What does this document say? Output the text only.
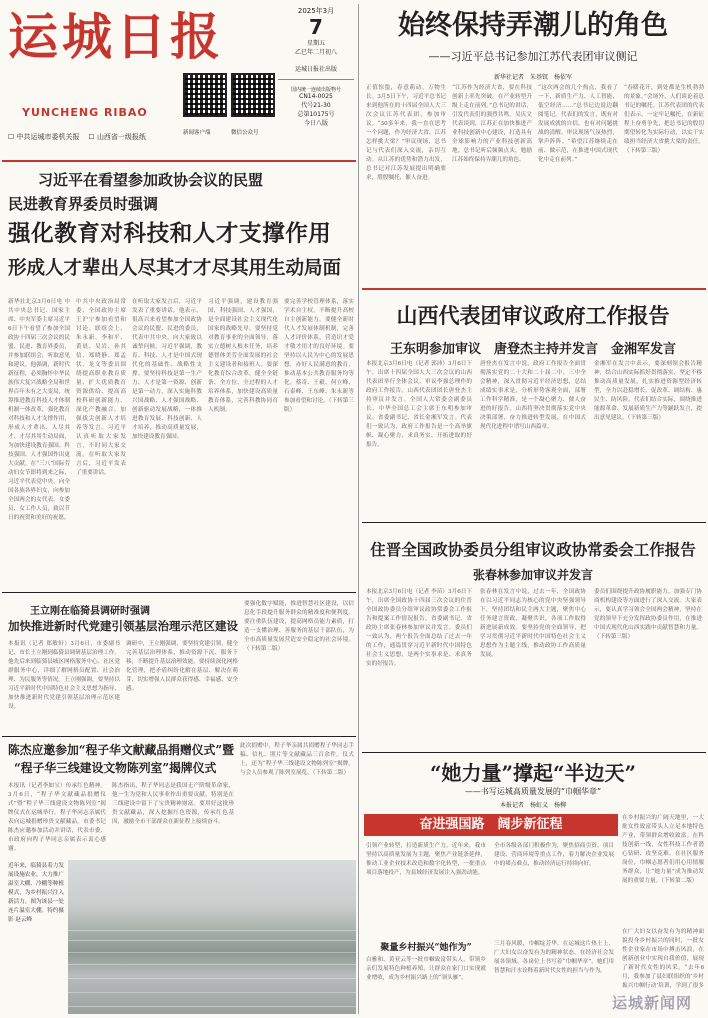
运城日报
YUNCHENG RIBAO
☐ 中共运城市委机关报 ☐ 山西省一级报纸	新闻客户端	微信公众号
2025年3月
7
星期五
乙巳年二月初八
运城日报社出版
国内统一连续出版物号
CN14-0025
代号21-30
总第10175号
今日八版
始终保持弄潮儿的角色
——习近平总书记参加江苏代表团审议侧记
新华社记者　朱基钗　杨依军
正值惊蛰，春意萌动。万物生长。3月5日下午，习近平总书记来到他所在的十四届全国人大三次会议江苏代表团，参加审议。“30多年来，我一直在思考一个问题，作为经济大省，江苏怎样挑大梁？”审议现场，总书记与代表们深入交流，亲切互动。从江苏的优势和潜力出发，总书记对江苏发展提出明确要求，殷殷嘱托，催人奋进。
“江苏作为经济大省，要在科技创新上率先突破，在产业转型升级上走在前列。”总书记的讲话，引发代表们的强烈共鸣。吴庆文代表谈到，江苏正在加快推进产业科技创新中心建设，打造具有全球影响力的产业科技创新高地。总书记听后频频点头，勉励江苏始终保持弄潮儿的角色。
“这次两会的几个热点，我看了一下，新质生产力、人工智能、低空经济……”总书记边说边翻阅笔记。代表们的发言，既有对发展成就的自信，也有对问题挑战的清醒。审议现场气氛热烈，掌声阵阵。“希望江苏继续走在前、做示范，在推进中国式现代化中走在前列。”
“春暖花开，到处都是生机勃勃的景象。”会场外，人们谈论着总书记的嘱托。江苏代表团的代表们表示，一定牢记嘱托，在新征程上奋勇争先，把总书记的殷切期望转化为实际行动，以实干实绩担当经济大省挑大梁的责任。（下转第三版）
习近平在看望参加政协会议的民盟
民进教育界委员时强调
强化教育对科技和人才支撑作用
形成人才辈出人尽其才才尽其用生动局面
新华社北京3月6日电 中共中央总书记、国家主席、中央军委主席习近平6日下午看望了参加全国政协十四届三次会议的民盟、民进、教育界委员，并参加联组会，听取意见和建议。他强调，新时代新征程，必须胸怀中华民族伟大复兴战略全局和世界百年未有之大变局，统筹推进教育科技人才体制机制一体改革，强化教育对科技和人才支撑作用，形成人才辈出、人尽其才、才尽其用生动局面，为加快建设教育强国、科技强国、人才强国作出更大贡献。在“三八”国际劳动妇女节即将到来之际，习近平代表党中央，向全国各族各界妇女，向参加全国两会的女代表、女委员、女工作人员，致以节日的祝贺和美好的祝愿。
中共中央政治局常委、全国政协主席王沪宁参加看望和讨论。联组会上，朱永新、李和平、黄晨、吴岩、孙其信、郑晓静、郑孟状、龙文等委员围绕提高职业教育质量、扩大优质教育资源供给、提高高校科研创新能力、深化产教融合、加强拔尖创新人才培养等发言。习近平认真听取大家发言，不时同大家交流。在听取大家发言后，习近平发表了重要讲话。
在听取大家发言后，习近平发表了重要讲话。他表示，很高兴来看望参加全国政协会议的民盟、民进的委员，代表中共中央，向大家致以诚挚问候。习近平强调，教育、科技、人才是中国式现代化的基础性、战略性支撑。要坚持科技是第一生产力、人才是第一资源、创新是第一动力，深入实施科教兴国战略、人才强国战略、创新驱动发展战略，一体推进教育发展、科技创新、人才培养，推动高质量发展，加快建设教育强国。
习近平强调，建设教育强国，科技强国、人才强国，是全面建设社会主义现代化国家的战略先导。要坚持党对教育事业的全面领导，落实立德树人根本任务，培养德智体美劳全面发展的社会主义建设者和接班人。要深化教育综合改革，健全全链条、全方位、全过程的人才培养体系，加快建设高质量教育体系，完善科教协同育人机制。
要完善学校管理体系，落实学术自主权，不断提升高校自主创新能力。要健全新时代人才发展体制机制，完善人才评价体系，营造识才爱才敬才用才的良好环境。要坚持以人民为中心的发展思想，办好人民满意的教育，推动基本公共教育服务均等化。蔡奇、王毅、何立峰、石泰峰、王东峰、朱永新等参加看望和讨论。（下转第三版）
山西代表团审议政府工作报告
王东明参加审议　唐登杰主持并发言　金湘军发言
本报北京3月6日电（记者 郭沛）3月6日下午，出席十四届全国人大三次会议的山西代表团举行全体会议，审议李强总理作的政府工作报告。山西代表团团长唐登杰主持审议并发言。全国人大常委会副委员长、中华全国总工会主席王东明参加审议。省委副书记、省长金湘军发言。代表们一致认为，政府工作报告是一个高举旗帜、凝心聚力、求真务实、开拓进取的好报告。
唐登杰在发言中说，政府工作报告全面贯彻落实党的二十大和二十届二中、三中全会精神，深入贯彻习近平经济思想，总结成绩实事求是，分析形势客观全面，部署工作科学精准，是一个凝心聚力、催人奋进的好报告。山西将坚决贯彻落实党中央决策部署，奋力推进转型发展，在中国式现代化进程中谱写山西篇章。
金湘军在发言中表示，要深刻领会报告精神，结合山西实际抓好贯彻落实，坚定不移推动高质量发展，扎实推进资源型经济转型，全力以赴稳增长、促改革、调结构、惠民生、防风险。代表们结合实际，围绕推进能源革命、发展新质生产力等踊跃发言，提出意见建议。（下转第三版）
住晋全国政协委员分组审议政协常委会工作报告
张春林参加审议并发言
本报北京3月6日电（记者 李苗）3月6日下午，出席全国政协十四届三次会议的住晋全国政协委员分组审议政协常委会工作报告和提案工作情况报告。省委副书记、省政协主席张春林参加审议并发言。委员们一致认为，两个报告全面总结了过去一年的工作，通篇贯穿习近平新时代中国特色社会主义思想，是两个实事求是、求真务实的好报告。
张春林在发言中说，过去一年，全国政协在以习近平同志为核心的党中央坚强领导下，坚持团结和民主两大主题，聚焦中心任务建言资政、凝聚共识，各项工作取得新进展新成效。要坚持党的全面领导，把学习贯彻习近平新时代中国特色社会主义思想作为主题主线，推动政协工作高质量发展。
委员们围绕提升政协履职能力、加强专门协商机构建设等方面进行了深入交流。大家表示，要认真学习领会全国两会精神，坚持在党的领导下充分发挥政协委员作用，在推进中国式现代化山西实践中贡献智慧和力量。（下转第三版）
王立刚在临猗县调研时强调
加快推进新时代党建引领基层治理示范区建设
本报讯（记者 郑敏轩）3月6日，市委副书记、市长王立刚到临猗县调研基层治理工作。他先后来到临猗县城区网格服务中心、社区党群服务中心，详细了解网格员配置、社会治理、为民服务等情况。王立刚强调，要坚持以习近平新时代中国特色社会主义思想为指导，加快推进新时代党建引领基层治理示范区建设。
调研中，王立刚强调，要坚持党建引领，健全完善基层治理体系，推动资源下沉、服务下移，不断提升基层治理效能。要持续深化网格化管理，把矛盾纠纷化解在基层、解决在萌芽，切实增强人民群众获得感、幸福感、安全感。
要强化数字赋能，推进智慧社区建设，以信息化手段提升服务群众的精准度和便利度。要注重队伍建设，提高网格员能力素质，打造一支懂治理、善服务的基层干部队伍，为全市高质量发展营造安全稳定的社会环境。（下转第二版）
陈杰应邀参加“程子华文献藏品捐赠仪式”暨
“程子华三线建设文物陈列室”揭牌仪式
本报讯（记者李如宝）传承红色精神。3月6日，“程子华文献藏品捐赠仪式”暨“程子华三线建设文物陈列室”揭牌仪式在运城举行。程子华同志亲属代表向运城捐赠珍贵文献藏品。市委书记陈杰应邀参加活动并讲话，代表市委、市政府向程子华同志亲属表示衷心感谢。
陈杰指出，程子华同志是我国无产阶级革命家，他一生为党和人民事业作出重要贡献，特别是在三线建设中留下了宝贵精神财富。要用好这批珍贵文献藏品，深入挖掘红色资源，传承红色基因，激励全市干部群众在新征程上接续奋斗。
此次捐赠中，程子华亲属共捐赠程子华同志手稿、信札、照片等文献藏品三百余件。仪式上，还为“程子华三线建设文物陈列室”揭牌。与会人员参观了陈列室展览。（下转第二版）
近年来，临猗县着力发展设施农业，大力推广温室大棚、冷棚等种植模式，为乡村振兴注入新活力。图为该县一处连片温室大棚。特约摄影 赵云峰
“她力量”撑起“半边天”
——书写运城高质量发展的“巾帼华章”
本报记者　杨虹义　杨柳
奋进强国路　阔步新征程
引领产业转型，打造新质生产力。近年来，我市坚持以高质量发展为主题，聚焦产业链条延伸，推动工业企业技术改造和数字化转型，一批重点项目落地投产，为县域经济发展注入强劲动能。
全市各级各部门积极作为，聚焦招商引资、项目建设、营商环境等重点工作，着力解决企业发展中的堵点难点，推动经济运行持续向好。
聚量乡村振兴“她作为”
白雅和、黄亚云等一批巾帼致富带头人，带领乡亲们发展特色种植养殖，让群众在家门口实现就业增收，成为乡村振兴路上的“领头雁”。
三月春风暖，巾帼绽芳华。在运城这片热土上，广大妇女以奋发有为的精神状态，在经济社会发展各领域、各岗位上书写着“巾帼华章”。她们用智慧和汗水诠释着新时代女性的担当与作为。
在乡村振兴的广阔天地里，一大批女性致富带头人立足本地特色产业，带领群众增收致富。在科技创新一线，女性科技工作者潜心钻研、攻坚克难。在社区服务岗位，巾帼志愿者们用心用情服务群众，让“她力量”成为推动发展的重要力量。（下转第二版）
在广大妇女以奋发有为的精神面貌投身乡村振兴的同时，一批女性企业家在市场中搏击风浪，在创新创业中实现自我价值，展现了新时代女性的风采。“去年6月，我参加了县妇联组织的‘乡村振兴巾帼行动’培训，学到了很多
运城新闻网
